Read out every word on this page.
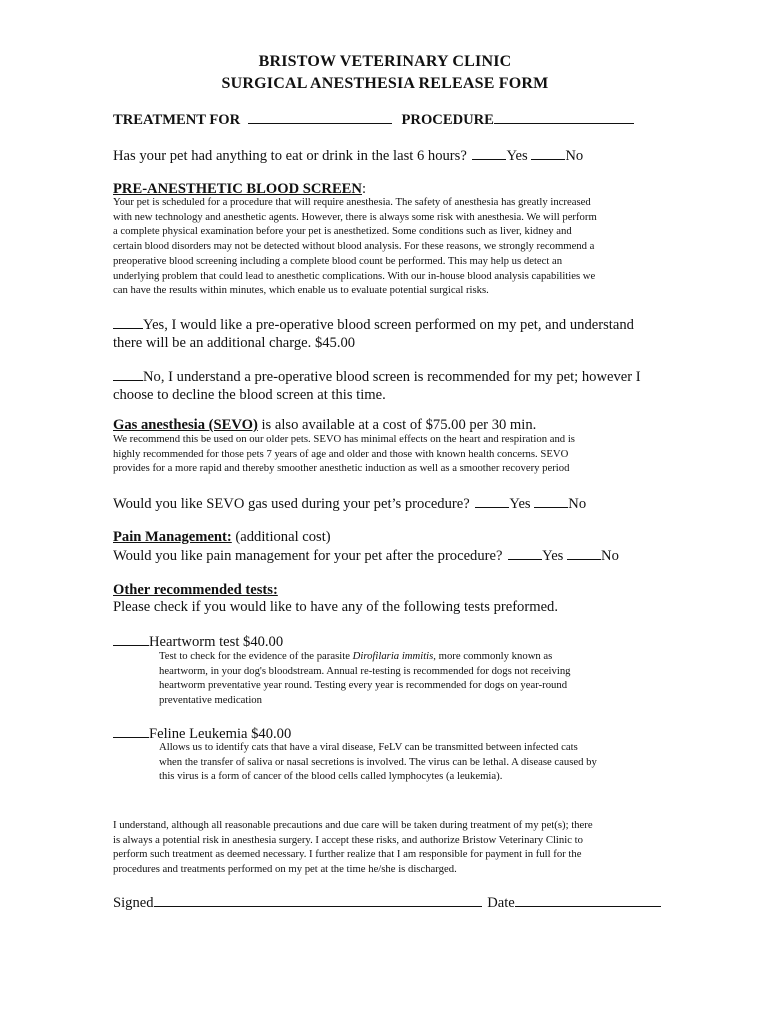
BRISTOW VETERINARY CLINIC
SURGICAL ANESTHESIA RELEASE FORM
TREATMENT FOR	PROCEDURE
Has your pet had anything to eat or drink in the last 6 hours?	Yes	No
PRE-ANESTHETIC BLOOD SCREEN:
Your pet is scheduled for a procedure that will require anesthesia. The safety of anesthesia has greatly increased
with new technology and anesthetic agents. However, there is always some risk with anesthesia. We will perform
a complete physical examination before your pet is anesthetized. Some conditions such as liver, kidney and
certain blood disorders may not be detected without blood analysis. For these reasons, we strongly recommend a
preoperative blood screening including a complete blood count be performed. This may help us detect an
underlying problem that could lead to anesthetic complications. With our in-house blood analysis capabilities we
can have the results within minutes, which enable us to evaluate potential surgical risks.
Yes, I would like a pre-operative blood screen performed on my pet, and understand
there will be an additional charge. $45.00
No, I understand a pre-operative blood screen is recommended for my pet; however I
choose to decline the blood screen at this time.
Gas anesthesia (SEVO) is also available at a cost of $75.00 per 30 min.
We recommend this be used on our older pets. SEVO has minimal effects on the heart and respiration and is
highly recommended for those pets 7 years of age and older and those with known health concerns. SEVO
provides for a more rapid and thereby smoother anesthetic induction as well as a smoother recovery period
Would you like SEVO gas used during your pet’s procedure?	Yes	No
Pain Management: (additional cost)
Would you like pain management for your pet after the procedure?	Yes	No
Other recommended tests:
Please check if you would like to have any of the following tests preformed.
Heartworm test $40.00
Test to check for the evidence of the parasite Dirofilaria immitis, more commonly known as
heartworm, in your dog's bloodstream. Annual re-testing is recommended for dogs not receiving
heartworm preventative year round. Testing every year is recommended for dogs on year-round
preventative medication
Feline Leukemia $40.00
Allows us to identify cats that have a viral disease, FeLV can be transmitted between infected cats
when the transfer of saliva or nasal secretions is involved. The virus can be lethal. A disease caused by
this virus is a form of cancer of the blood cells called lymphocytes (a leukemia).
I understand, although all reasonable precautions and due care will be taken during treatment of my pet(s); there
is always a potential risk in anesthesia surgery. I accept these risks, and authorize Bristow Veterinary Clinic to
perform such treatment as deemed necessary. I further realize that I am responsible for payment in full for the
procedures and treatments performed on my pet at the time he/she is discharged.
Signed	Date
